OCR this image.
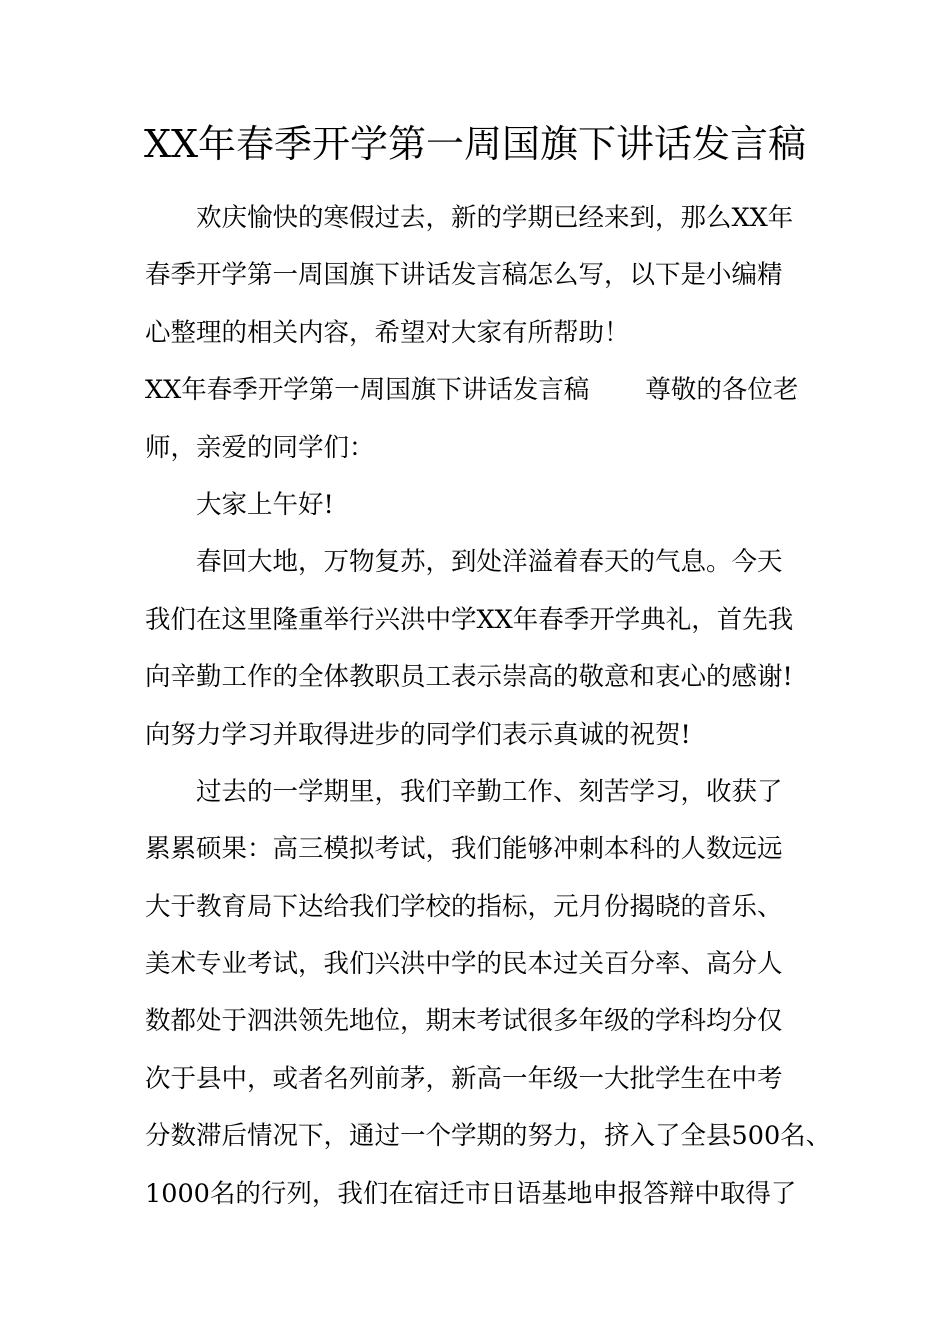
XX年春季开学第一周国旗下讲话发言稿
欢庆愉快的寒假过去，新的学期已经来到，那么XX年
春季开学第一周国旗下讲话发言稿怎么写，以下是小编精
心整理的相关内容，希望对大家有所帮助！
XX年春季开学第一周国旗下讲话发言稿 尊敬的各位老
师，亲爱的同学们：
大家上午好!
春回大地，万物复苏，到处洋溢着春天的气息。今天
我们在这里隆重举行兴洪中学XX年春季开学典礼，首先我
向辛勤工作的全体教职员工表示崇高的敬意和衷心的感谢!
向努力学习并取得进步的同学们表示真诚的祝贺!
过去的一学期里，我们辛勤工作、刻苦学习，收获了
累累硕果：高三模拟考试，我们能够冲刺本科的人数远远
大于教育局下达给我们学校的指标，元月份揭晓的音乐、
美术专业考试，我们兴洪中学的民本过关百分率、高分人
数都处于泗洪领先地位，期末考试很多年级的学科均分仅
次于县中，或者名列前茅，新高一年级一大批学生在中考
分数滞后情况下，通过一个学期的努力，挤入了全县500名、
1000名的行列，我们在宿迁市日语基地申报答辩中取得了
